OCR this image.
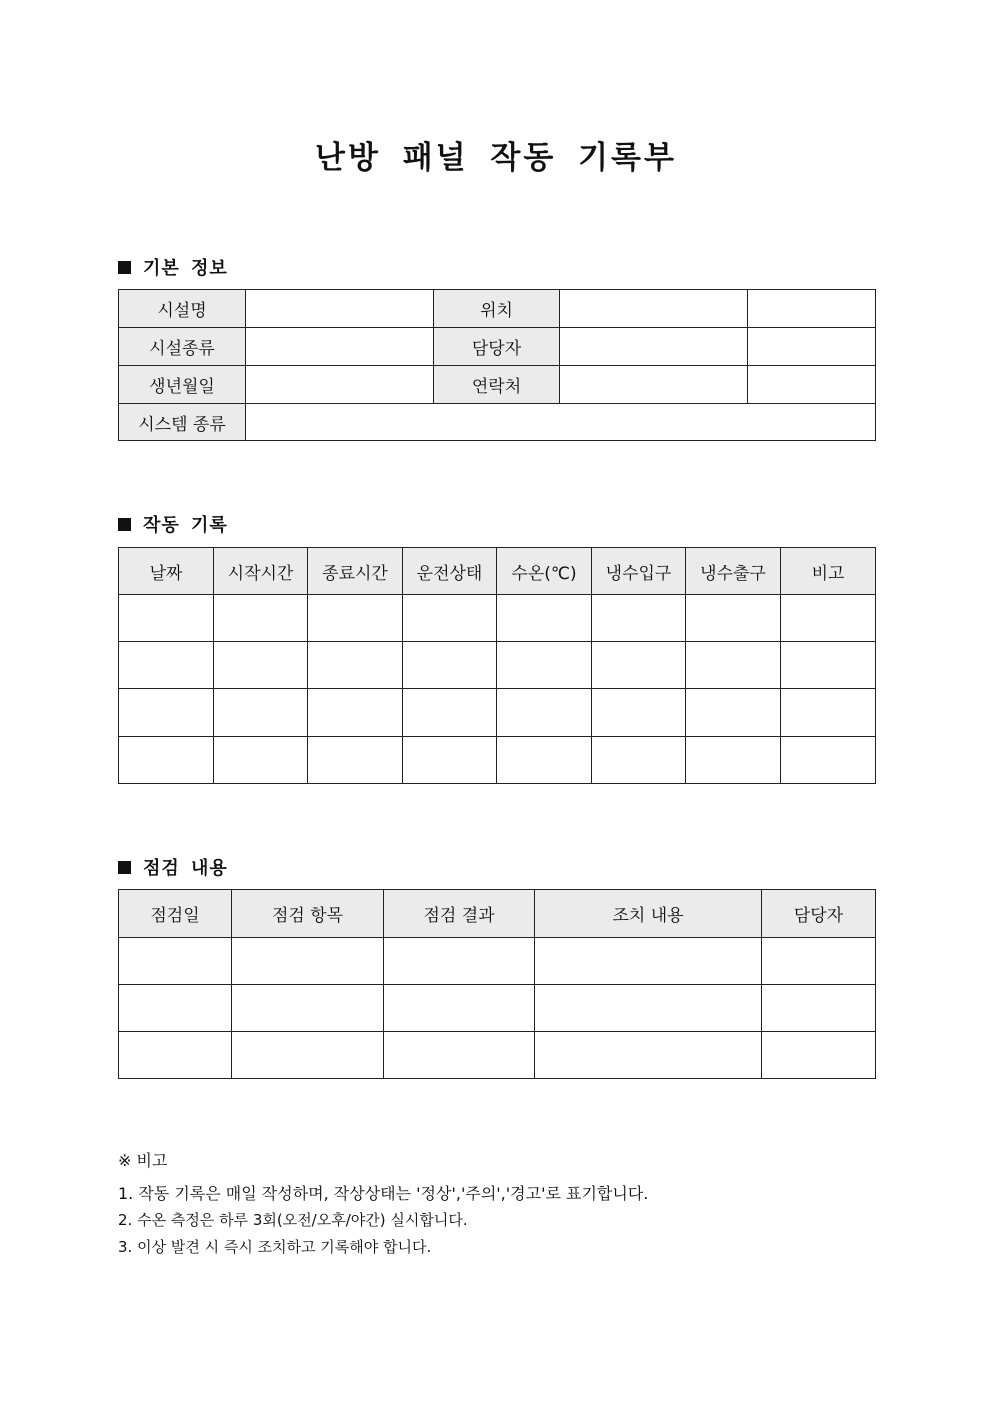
난방 패널 작동 기록부
기본 정보
시설명		위치		
시설종류		담당자		
생년월일		연락처		
시스템 종류				
작동 기록
날짜	시작시간	종료시간	운전상태	수온(℃)	냉수입구	냉수출구	비고

점검 내용
점검일	점검 항목	점검 결과	조치 내용	담당자

※ 비고
1. 작동 기록은 매일 작성하며, 작상상태는 '정상','주의','경고'로 표기합니다.
2. 수온 측정은 하루 3회(오전/오후/야간) 실시합니다.
3. 이상 발견 시 즉시 조치하고 기록해야 합니다.
